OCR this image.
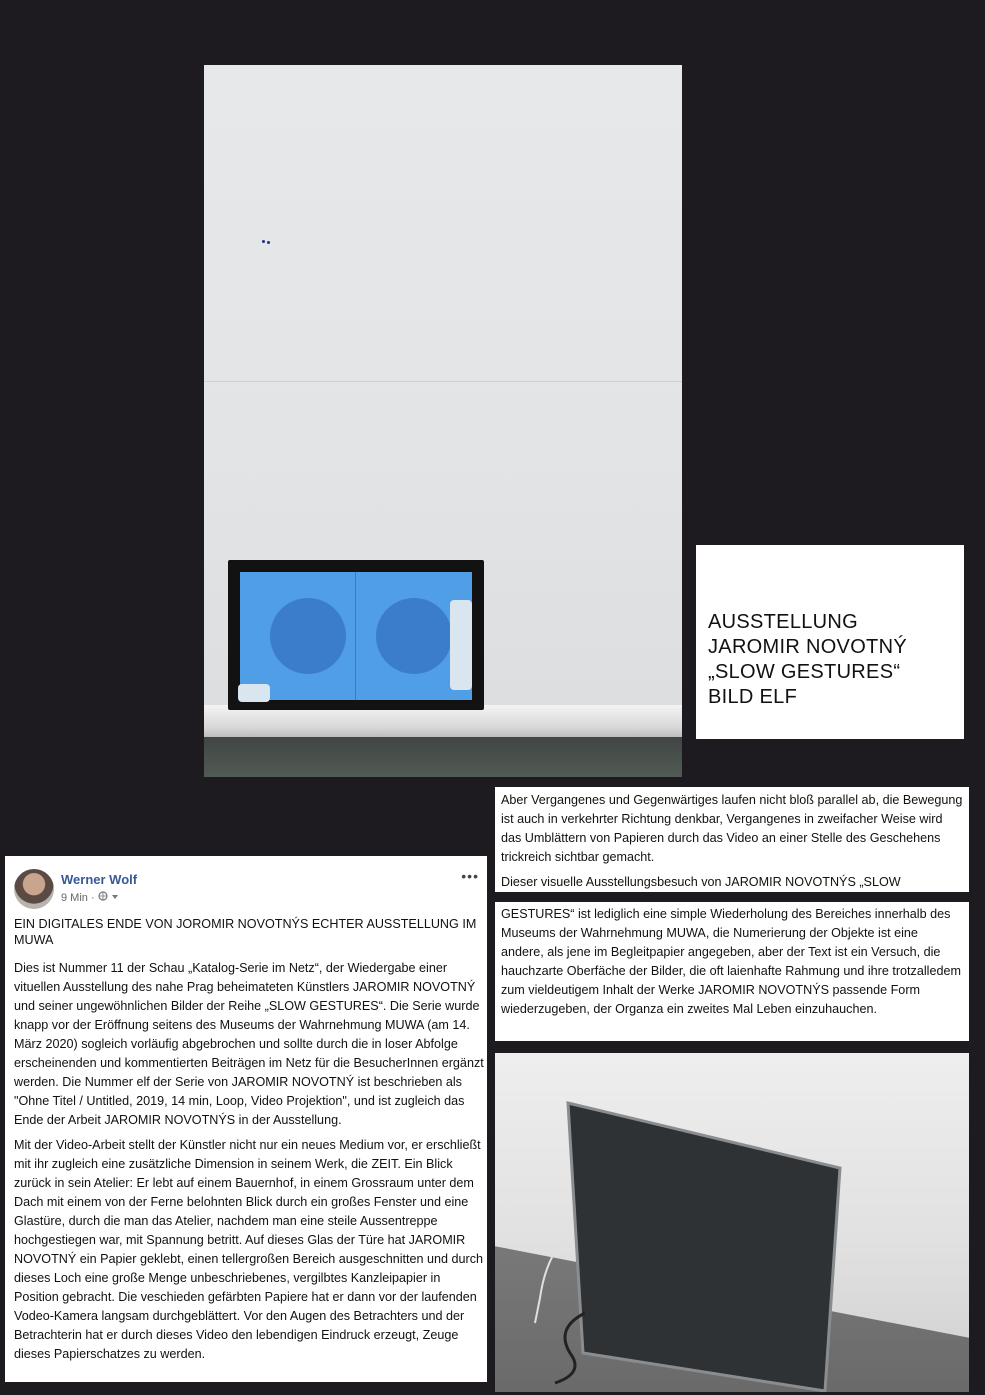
AUSSTELLUNG
JAROMIR NOVOTNÝ
„SLOW GESTURES“
BILD ELF

Aber Vergangenes und Gegenwärtiges laufen nicht bloß parallel ab, die Bewegung ist auch in verkehrter Richtung denkbar, Vergangenes in zweifacher Weise wird das Umblättern von Papieren durch das Video an einer Stelle des Geschehens trickreich sichtbar gemacht.

Dieser visuelle Ausstellungsbesuch von JAROMIR NOVOTNÝS „SLOW

GESTURES“ ist lediglich eine simple Wiederholung des Bereiches innerhalb des Museums der Wahrnehmung MUWA, die Numerierung der Objekte ist eine andere, als jene im Begleitpapier angegeben, aber der Text ist ein Versuch, die hauchzarte Oberfäche der Bilder, die oft laienhafte Rahmung und ihre trotzalledem zum vieldeutigem Inhalt der Werke JAROMIR NOVOTNÝS passende Form wiederzugeben, der Organza ein zweites Mal Leben einzuhauchen.

Werner Wolf
9 Min ·
•••
EIN DIGITALES ENDE VON JOROMIR NOVOTNÝS ECHTER AUSSTELLUNG IM MUWA

Dies ist Nummer 11 der Schau „Katalog-Serie im Netz“, der Wiedergabe einer vituellen Ausstellung des nahe Prag beheimateten Künstlers JAROMIR NOVOTNÝ und seiner ungewöhnlichen Bilder der Reihe „SLOW GESTURES“. Die Serie wurde knapp vor der Eröffnung seitens des Museums der Wahrnehmung MUWA (am 14. März 2020) sogleich vorläufig abgebrochen und sollte durch die in loser Abfolge erscheinenden und kommentierten Beiträgen im Netz für die BesucherInnen ergänzt werden. Die Nummer elf der Serie von JAROMIR NOVOTNÝ ist beschrieben als "Ohne Titel / Untitled, 2019, 14 min, Loop, Video Projektion", und ist zugleich das Ende der Arbeit JAROMIR NOVOTNÝS in der Ausstellung.

Mit der Video-Arbeit stellt der Künstler nicht nur ein neues Medium vor, er erschließt mit ihr zugleich eine zusätzliche Dimension in seinem Werk, die ZEIT. Ein Blick zurück in sein Atelier: Er lebt auf einem Bauernhof, in einem Grossraum unter dem Dach mit einem von der Ferne belohnten Blick durch ein großes Fenster und eine Glastüre, durch die man das Atelier, nachdem man eine steile Aussentreppe hochgestiegen war, mit Spannung betritt. Auf dieses Glas der Türe hat JAROMIR NOVOTNÝ ein Papier geklebt, einen tellergroßen Bereich ausgeschnitten und durch dieses Loch eine große Menge unbeschriebenes, vergilbtes Kanzleipapier in Position gebracht. Die veschieden gefärbten Papiere hat er dann vor der laufenden Vodeo-Kamera langsam durchgeblättert. Vor den Augen des Betrachters und der Betrachterin hat er durch dieses Video den lebendigen Eindruck erzeugt, Zeuge dieses Papierschatzes zu werden.
